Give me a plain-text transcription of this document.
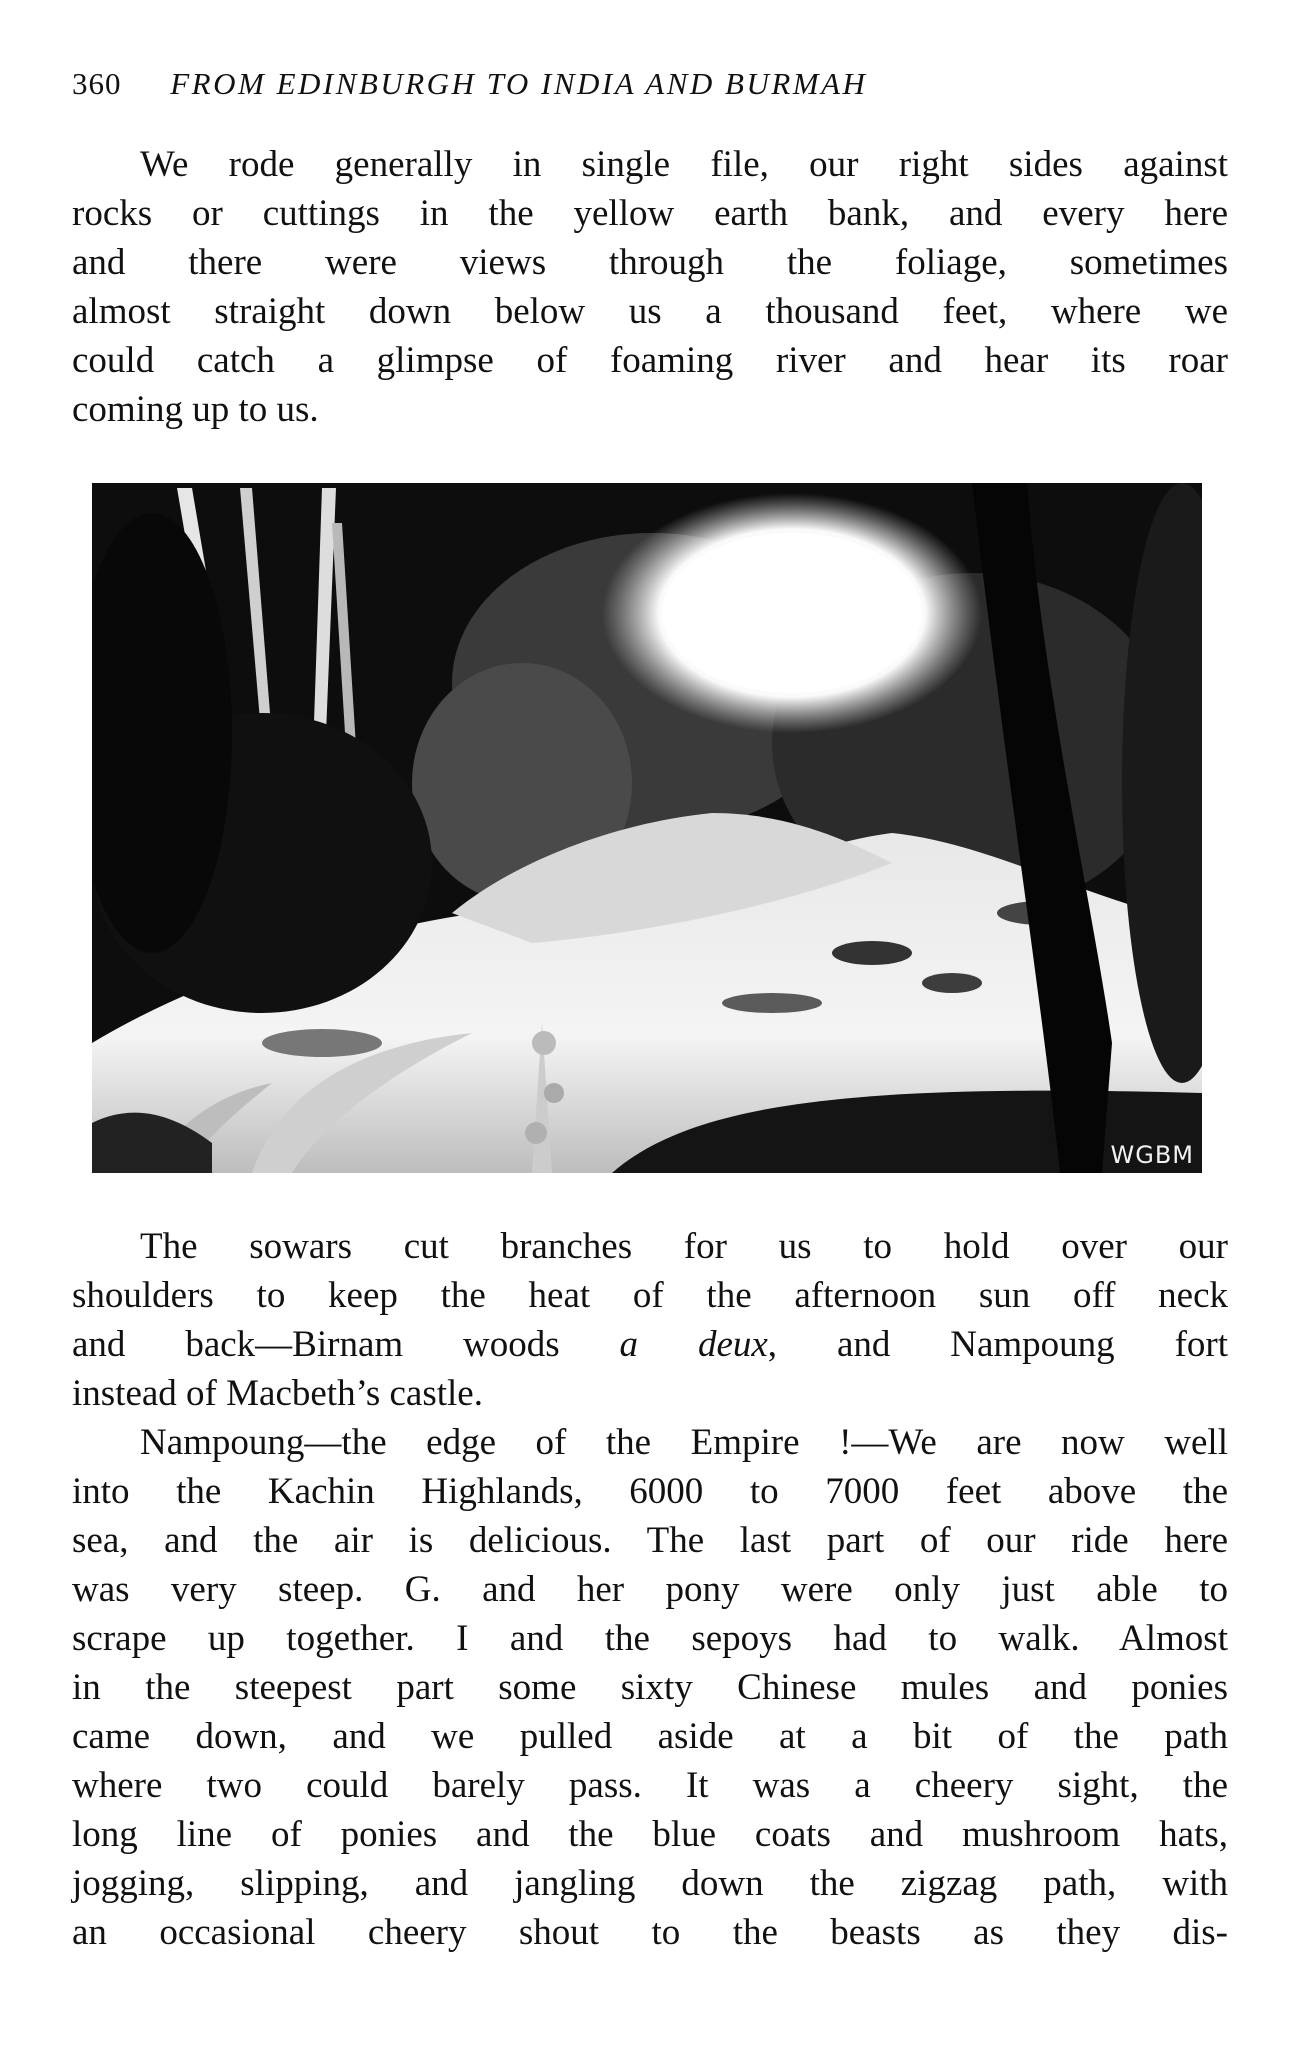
360 FROM EDINBURGH TO INDIA AND BURMAH

We rode generally in single file, our right sides against
rocks or cuttings in the yellow earth bank, and every here
and there were views through the foliage, sometimes
almost straight down below us a thousand feet, where we
could catch a glimpse of foaming river and hear its roar
coming up to us.

WGBM

The sowars cut branches for us to hold over our
shoulders to keep the heat of the afternoon sun off neck
and back—Birnam woods a deux, and Nampoung fort
instead of Macbeth’s castle.

Nampoung—the edge of the Empire !—We are now well
into the Kachin Highlands, 6000 to 7000 feet above the
sea, and the air is delicious. The last part of our ride here
was very steep. G. and her pony were only just able to
scrape up together. I and the sepoys had to walk. Almost
in the steepest part some sixty Chinese mules and ponies
came down, and we pulled aside at a bit of the path
where two could barely pass. It was a cheery sight, the
long line of ponies and the blue coats and mushroom hats,
jogging, slipping, and jangling down the zigzag path, with
an occasional cheery shout to the beasts as they dis-
